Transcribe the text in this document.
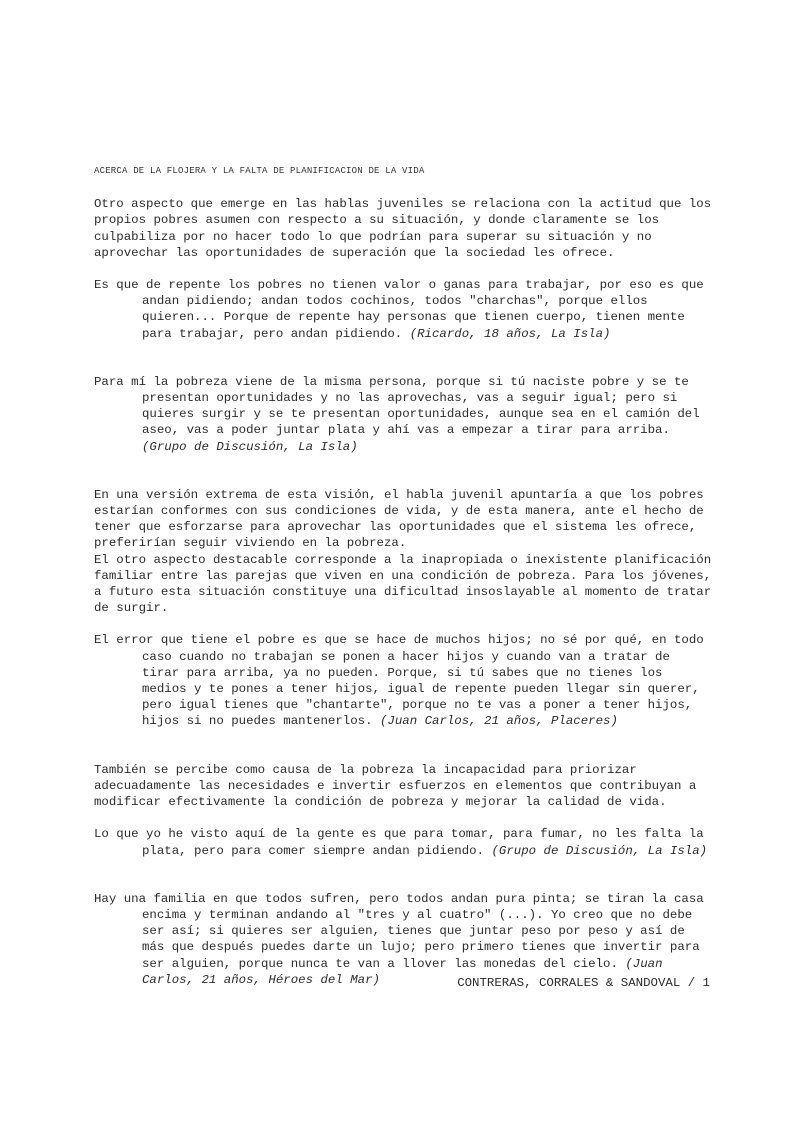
ACERCA DE LA FLOJERA Y LA FALTA DE PLANIFICACION DE LA VIDA

Otro aspecto que emerge en las hablas juveniles se relaciona con la actitud que los propios pobres asumen con respecto a su situación, y donde claramente se los culpabiliza por no hacer todo lo que podrían para superar su situación y no aprovechar las oportunidades de superación que la sociedad les ofrece.

Es que de repente los pobres no tienen valor o ganas para trabajar, por eso es que andan pidiendo; andan todos cochinos, todos "charchas", porque ellos quieren... Porque de repente hay personas que tienen cuerpo, tienen mente para trabajar, pero andan pidiendo. (Ricardo, 18 años, La Isla)

Para mí la pobreza viene de la misma persona, porque si tú naciste pobre y se te presentan oportunidades y no las aprovechas, vas a seguir igual; pero si quieres surgir y se te presentan oportunidades, aunque sea en el camión del aseo, vas a poder juntar plata y ahí vas a empezar a tirar para arriba. (Grupo de Discusión, La Isla)

En una versión extrema de esta visión, el habla juvenil apuntaría a que los pobres estarían conformes con sus condiciones de vida, y de esta manera, ante el hecho de tener que esforzarse para aprovechar las oportunidades que el sistema les ofrece, preferirían seguir viviendo en la pobreza.

El otro aspecto destacable corresponde a la inapropiada o inexistente planificación familiar entre las parejas que viven en una condición de pobreza. Para los jóvenes, a futuro esta situación constituye una dificultad insoslayable al momento de tratar de surgir.

El error que tiene el pobre es que se hace de muchos hijos; no sé por qué, en todo caso cuando no trabajan se ponen a hacer hijos y cuando van a tratar de tirar para arriba, ya no pueden. Porque, si tú sabes que no tienes los medios y te pones a tener hijos, igual de repente pueden llegar sin querer, pero igual tienes que "chantarte", porque no te vas a poner a tener hijos, hijos si no puedes mantenerlos. (Juan Carlos, 21 años, Placeres)

También se percibe como causa de la pobreza la incapacidad para priorizar adecuadamente las necesidades e invertir esfuerzos en elementos que contribuyan a modificar efectivamente la condición de pobreza y mejorar la calidad de vida.

Lo que yo he visto aquí de la gente es que para tomar, para fumar, no les falta la plata, pero para comer siempre andan pidiendo. (Grupo de Discusión, La Isla)

Hay una familia en que todos sufren, pero todos andan pura pinta; se tiran la casa encima y terminan andando al "tres y al cuatro" (...). Yo creo que no debe ser así; si quieres ser alguien, tienes que juntar peso por peso y así de más que después puedes darte un lujo; pero primero tienes que invertir para ser alguien, porque nunca te van a llover las monedas del cielo. (Juan Carlos, 21 años, Héroes del Mar)	CONTRERAS, CORRALES & SANDOVAL / 1
